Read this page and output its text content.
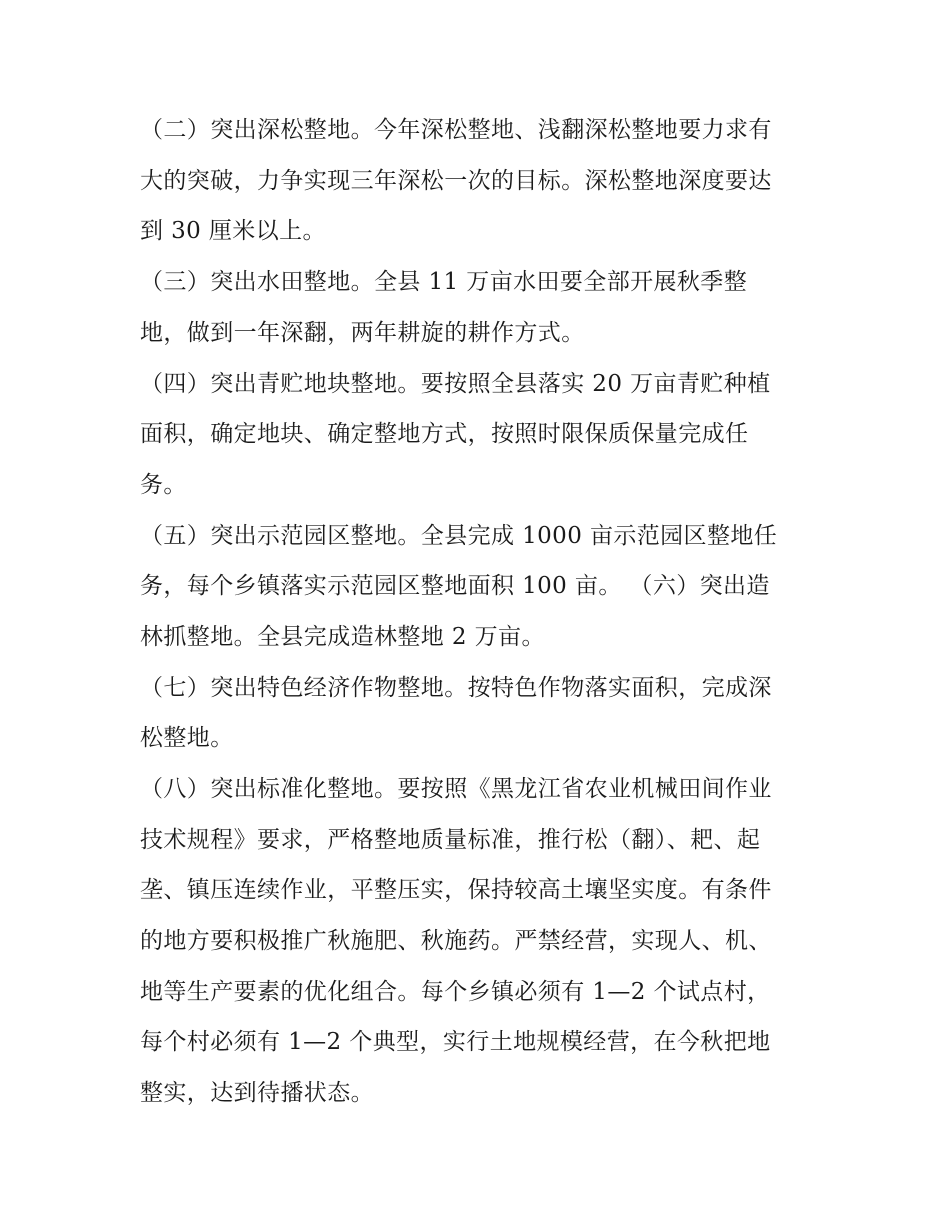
（二）突出深松整地。今年深松整地、浅翻深松整地要力求有

大的突破，力争实现三年深松一次的目标。深松整地深度要达

到 30 厘米以上。

（三）突出水田整地。全县 11 万亩水田要全部开展秋季整

地，做到一年深翻，两年耕旋的耕作方式。

（四）突出青贮地块整地。要按照全县落实 20 万亩青贮种植

面积，确定地块、确定整地方式，按照时限保质保量完成任

务。

（五）突出示范园区整地。全县完成 1000 亩示范园区整地任

务，每个乡镇落实示范园区整地面积 100 亩。 （六）突出造

林抓整地。全县完成造林整地 2 万亩。

（七）突出特色经济作物整地。按特色作物落实面积，完成深

松整地。

（八）突出标准化整地。要按照《黑龙江省农业机械田间作业

技术规程》要求，严格整地质量标准，推行松（翻）、耙、起

垄、镇压连续作业，平整压实，保持较高土壤坚实度。有条件

的地方要积极推广秋施肥、秋施药。严禁经营，实现人、机、

地等生产要素的优化组合。每个乡镇必须有 1—2 个试点村，

每个村必须有 1—2 个典型，实行土地规模经营，在今秋把地

整实，达到待播状态。
